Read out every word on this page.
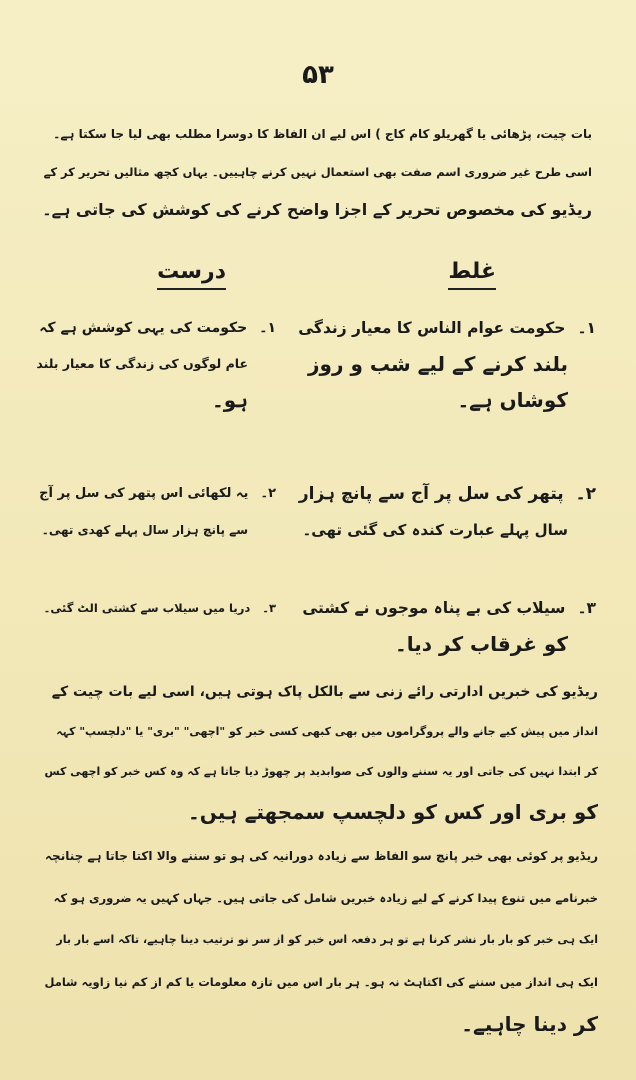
۵۳
بات چیت، پڑھائی یا گھریلو کام کاج ) اس لیے ان الفاظ کا دوسرا مطلب بھی لیا جا سکتا ہے۔
اسی طرح غیر ضروری اسم صفت بھی استعمال نہیں کرنے چاہییں۔ یہاں کچھ مثالیں تحریر کر کے
ریڈیو کی مخصوص تحریر کے اجزا واضح کرنے کی کوشش کی جاتی ہے۔
غلط
درست
۱۔حکومت عوام الناس کا معیار زندگی
بلند کرنے کے لیے شب و روز
کوشاں ہے۔
۱۔حکومت کی یہی کوشش ہے کہ
عام لوگوں کی زندگی کا معیار بلند
ہو۔
۲۔پتھر کی سل پر آج سے پانچ ہزار
سال پہلے عبارت کندہ کی گئی تھی۔
۲۔یہ لکھائی اس پتھر کی سل پر آج
سے پانچ ہزار سال پہلے کھدی تھی۔
۳۔سیلاب کی بے پناہ موجوں نے کشتی
کو غرقاب کر دیا۔
۳۔دریا میں سیلاب سے کشتی الٹ گئی۔
ریڈیو کی خبریں ادارتی رائے زنی سے بالکل پاک ہوتی ہیں، اسی لیے بات چیت کے
انداز میں پیش کیے جانے والے پروگراموں میں بھی کبھی کسی خبر کو "اچھی" "بری" یا "دلچسپ" کہہ
کر ابتدا نہیں کی جاتی اور یہ سننے والوں کی صوابدید پر چھوڑ دیا جاتا ہے کہ وہ کس خبر کو اچھی کس
کو بری اور کس کو دلچسپ سمجھتے ہیں۔
ریڈیو پر کوئی بھی خبر پانچ سو الفاظ سے زیادہ دورانیہ کی ہو تو سننے والا اکتا جاتا ہے چنانچہ
خبرنامے میں تنوع پیدا کرنے کے لیے زیادہ خبریں شامل کی جاتی ہیں۔ جہاں کہیں یہ ضروری ہو کہ
ایک ہی خبر کو بار بار نشر کرنا ہے تو ہر دفعہ اس خبر کو از سر نو ترتیب دینا چاہیے، تاکہ اسے بار بار
ایک ہی انداز میں سننے کی اکتاہٹ نہ ہو۔ ہر بار اس میں تازہ معلومات یا کم از کم نیا زاویہ شامل
کر دینا چاہیے۔
